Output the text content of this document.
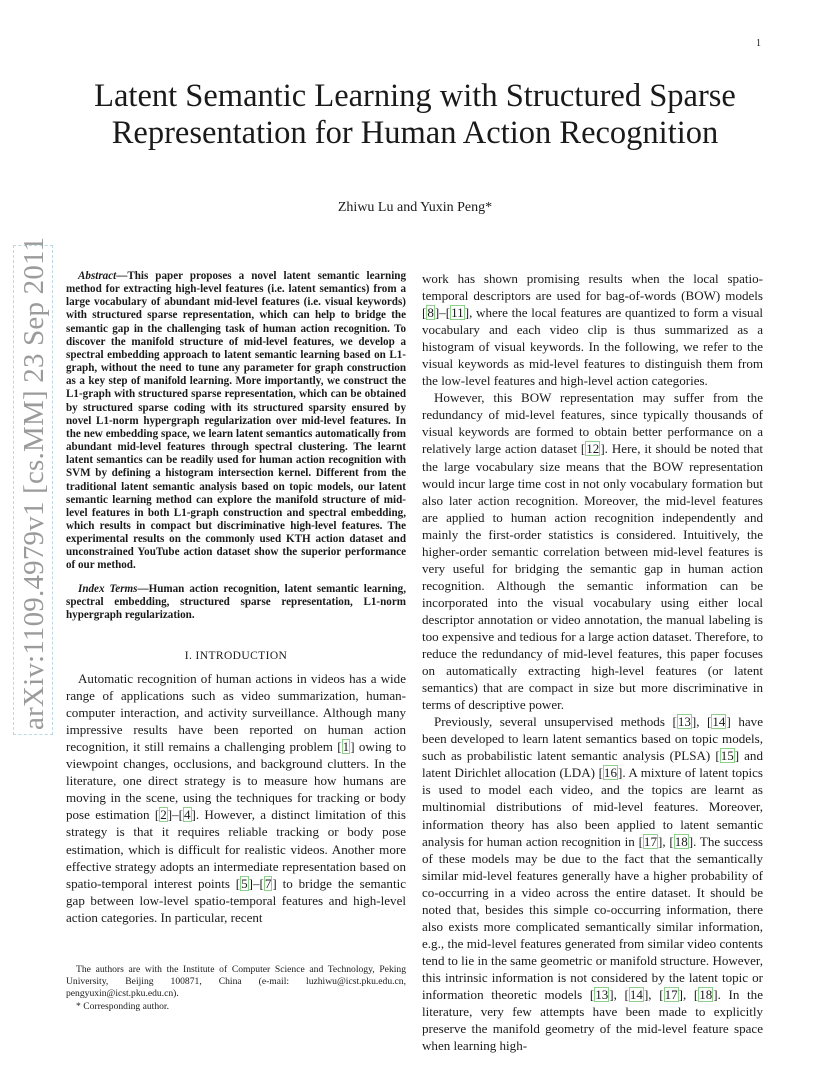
1
Latent Semantic Learning with Structured Sparse Representation for Human Action Recognition
Zhiwu Lu and Yuxin Peng*
arXiv:1109.4979v1 [cs.MM] 23 Sep 2011	Abstract—This paper proposes a novel latent semantic learning method for extracting high-level features (i.e. latent semantics) from a large vocabulary of abundant mid-level features (i.e. visual keywords) with structured sparse representation, which can help to bridge the semantic gap in the challenging task of human action recognition. To discover the manifold structure of mid-level features, we develop a spectral embedding approach to latent semantic learning based on L1-graph, without the need to tune any parameter for graph construction as a key step of manifold learning. More importantly, we construct the L1-graph with structured sparse representation, which can be obtained by structured sparse coding with its structured sparsity ensured by novel L1-norm hypergraph regularization over mid-level features. In the new embedding space, we learn latent semantics automatically from abundant mid-level features through spectral clustering. The learnt latent semantics can be readily used for human action recognition with SVM by defining a histogram intersection kernel. Different from the traditional latent semantic analysis based on topic models, our latent semantic learning method can explore the manifold structure of mid-level features in both L1-graph construction and spectral embedding, which results in compact but discriminative high-level features. The experimental results on the commonly used KTH action dataset and unconstrained YouTube action dataset show the superior performance of our method.

Index Terms—Human action recognition, latent semantic learning, spectral embedding, structured sparse representation, L1-norm hypergraph regularization.

I. INTRODUCTION

Automatic recognition of human actions in videos has a wide range of applications such as video summarization, human-computer interaction, and activity surveillance. Although many impressive results have been reported on human action recognition, it still remains a challenging problem [1] owing to viewpoint changes, occlusions, and background clutters. In the literature, one direct strategy is to measure how humans are moving in the scene, using the techniques for tracking or body pose estimation [2]–[4]. However, a distinct limitation of this strategy is that it requires reliable tracking or body pose estimation, which is difficult for realistic videos. Another more effective strategy adopts an intermediate representation based on spatio-temporal interest points [5]–[7] to bridge the semantic gap between low-level spatio-temporal features and high-level action categories. In particular, recent

The authors are with the Institute of Computer Science and Technology, Peking University, Beijing 100871, China (e-mail: luzhiwu@icst.pku.edu.cn, pengyuxin@icst.pku.edu.cn).

* Corresponding author.

work has shown promising results when the local spatio-temporal descriptors are used for bag-of-words (BOW) models [8]–[11], where the local features are quantized to form a visual vocabulary and each video clip is thus summarized as a histogram of visual keywords. In the following, we refer to the visual keywords as mid-level features to distinguish them from the low-level features and high-level action categories.

However, this BOW representation may suffer from the redundancy of mid-level features, since typically thousands of visual keywords are formed to obtain better performance on a relatively large action dataset [12]. Here, it should be noted that the large vocabulary size means that the BOW representation would incur large time cost in not only vocabulary formation but also later action recognition. Moreover, the mid-level features are applied to human action recognition independently and mainly the first-order statistics is considered. Intuitively, the higher-order semantic correlation between mid-level features is very useful for bridging the semantic gap in human action recognition. Although the semantic information can be incorporated into the visual vocabulary using either local descriptor annotation or video annotation, the manual labeling is too expensive and tedious for a large action dataset. Therefore, to reduce the redundancy of mid-level features, this paper focuses on automatically extracting high-level features (or latent semantics) that are compact in size but more discriminative in terms of descriptive power.

Previously, several unsupervised methods [13], [14] have been developed to learn latent semantics based on topic models, such as probabilistic latent semantic analysis (PLSA) [15] and latent Dirichlet allocation (LDA) [16]. A mixture of latent topics is used to model each video, and the topics are learnt as multinomial distributions of mid-level features. Moreover, information theory has also been applied to latent semantic analysis for human action recognition in [17], [18]. The success of these models may be due to the fact that the semantically similar mid-level features generally have a higher probability of co-occurring in a video across the entire dataset. It should be noted that, besides this simple co-occurring information, there also exists more complicated semantically similar information, e.g., the mid-level features generated from similar video contents tend to lie in the same geometric or manifold structure. However, this intrinsic information is not considered by the latent topic or information theoretic models [13], [14], [17], [18]. In the literature, very few attempts have been made to explicitly preserve the manifold geometry of the mid-level feature space when learning high-
